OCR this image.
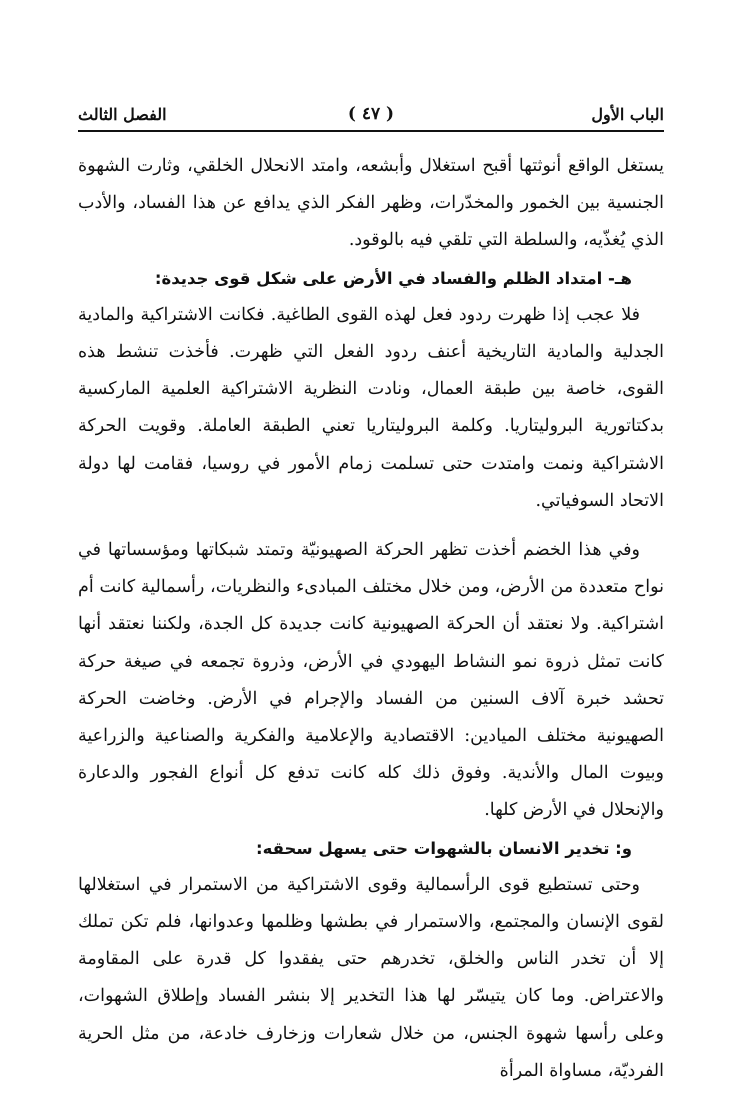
الباب الأول
( ٤٧ )
الفصل الثالث

يستغل الواقع أنوثتها أقبح استغلال وأبشعه، وامتد الانحلال الخلقي، وثارت الشهوة الجنسية بين الخمور والمخدّرات، وظهر الفكر الذي يدافع عن هذا الفساد، والأدب الذي يُغذّيه، والسلطة التي تلقي فيه بالوقود.

هـ- امتداد الظلم والفساد في الأرض على شكل قوى جديدة:

فلا عجب إذا ظهرت ردود فعل لهذه القوى الطاغية. فكانت الاشتراكية والمادية الجدلية والمادية التاريخية أعنف ردود الفعل التي ظهرت. فأخذت تنشط هذه القوى، خاصة بين طبقة العمال، ونادت النظرية الاشتراكية العلمية الماركسية بدكتاتورية البروليتاريا. وكلمة البروليتاريا تعني الطبقة العاملة. وقويت الحركة الاشتراكية ونمت وامتدت حتى تسلمت زمام الأمور في روسيا، فقامت لها دولة الاتحاد السوفياتي.

وفي هذا الخضم أخذت تظهر الحركة الصهيونيّة وتمتد شبكاتها ومؤسساتها في نواح متعددة من الأرض، ومن خلال مختلف المبادىء والنظريات، رأسمالية كانت أم اشتراكية. ولا نعتقد أن الحركة الصهيونية كانت جديدة كل الجدة، ولكننا نعتقد أنها كانت تمثل ذروة نمو النشاط اليهودي في الأرض، وذروة تجمعه في صيغة حركة تحشد خبرة آلاف السنين من الفساد والإجرام في الأرض. وخاضت الحركة الصهيونية مختلف الميادين: الاقتصادية والإعلامية والفكرية والصناعية والزراعية وبيوت المال والأندية. وفوق ذلك كله كانت تدفع كل أنواع الفجور والدعارة والإنحلال في الأرض كلها.

و: تخدير الانسان بالشهوات حتى يسهل سحقه:

وحتى تستطيع قوى الرأسمالية وقوى الاشتراكية من الاستمرار في استغلالها لقوى الإنسان والمجتمع، والاستمرار في بطشها وظلمها وعدوانها، فلم تكن تملك إلا أن تخدر الناس والخلق، تخدرهم حتى يفقدوا كل قدرة على المقاومة والاعتراض. وما كان يتيسّر لها هذا التخدير إلا بنشر الفساد وإطلاق الشهوات، وعلى رأسها شهوة الجنس، من خلال شعارات وزخارف خادعة، من مثل الحرية الفرديّة، مساواة المرأة
